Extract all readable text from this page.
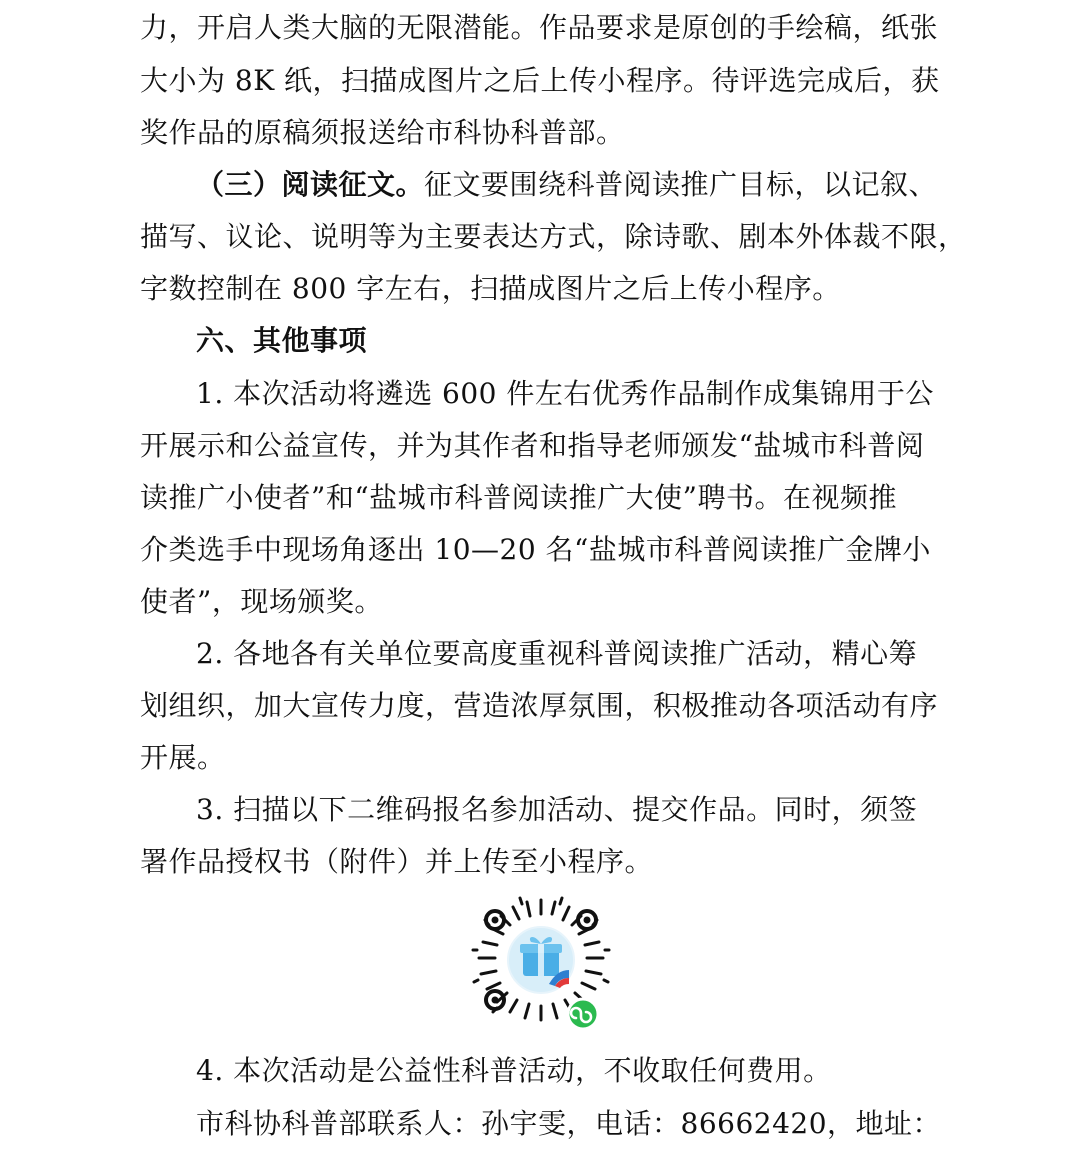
力，开启人类大脑的无限潜能。作品要求是原创的手绘稿，纸张
大小为 8K 纸，扫描成图片之后上传小程序。待评选完成后，获
奖作品的原稿须报送给市科协科普部。
（三）阅读征文。征文要围绕科普阅读推广目标，以记叙、
描写、议论、说明等为主要表达方式，除诗歌、剧本外体裁不限，
字数控制在 800 字左右，扫描成图片之后上传小程序。
六、其他事项
1. 本次活动将遴选 600 件左右优秀作品制作成集锦用于公
开展示和公益宣传，并为其作者和指导老师颁发“盐城市科普阅
读推广小使者”和“盐城市科普阅读推广大使”聘书。在视频推
介类选手中现场角逐出 10—20 名“盐城市科普阅读推广金牌小
使者”，现场颁奖。
2. 各地各有关单位要高度重视科普阅读推广活动，精心筹
划组织，加大宣传力度，营造浓厚氛围，积极推动各项活动有序
开展。
3. 扫描以下二维码报名参加活动、提交作品。同时，须签
署作品授权书（附件）并上传至小程序。
4. 本次活动是公益性科普活动，不收取任何费用。
市科协科普部联系人：孙宇雯，电话：86662420，地址：
